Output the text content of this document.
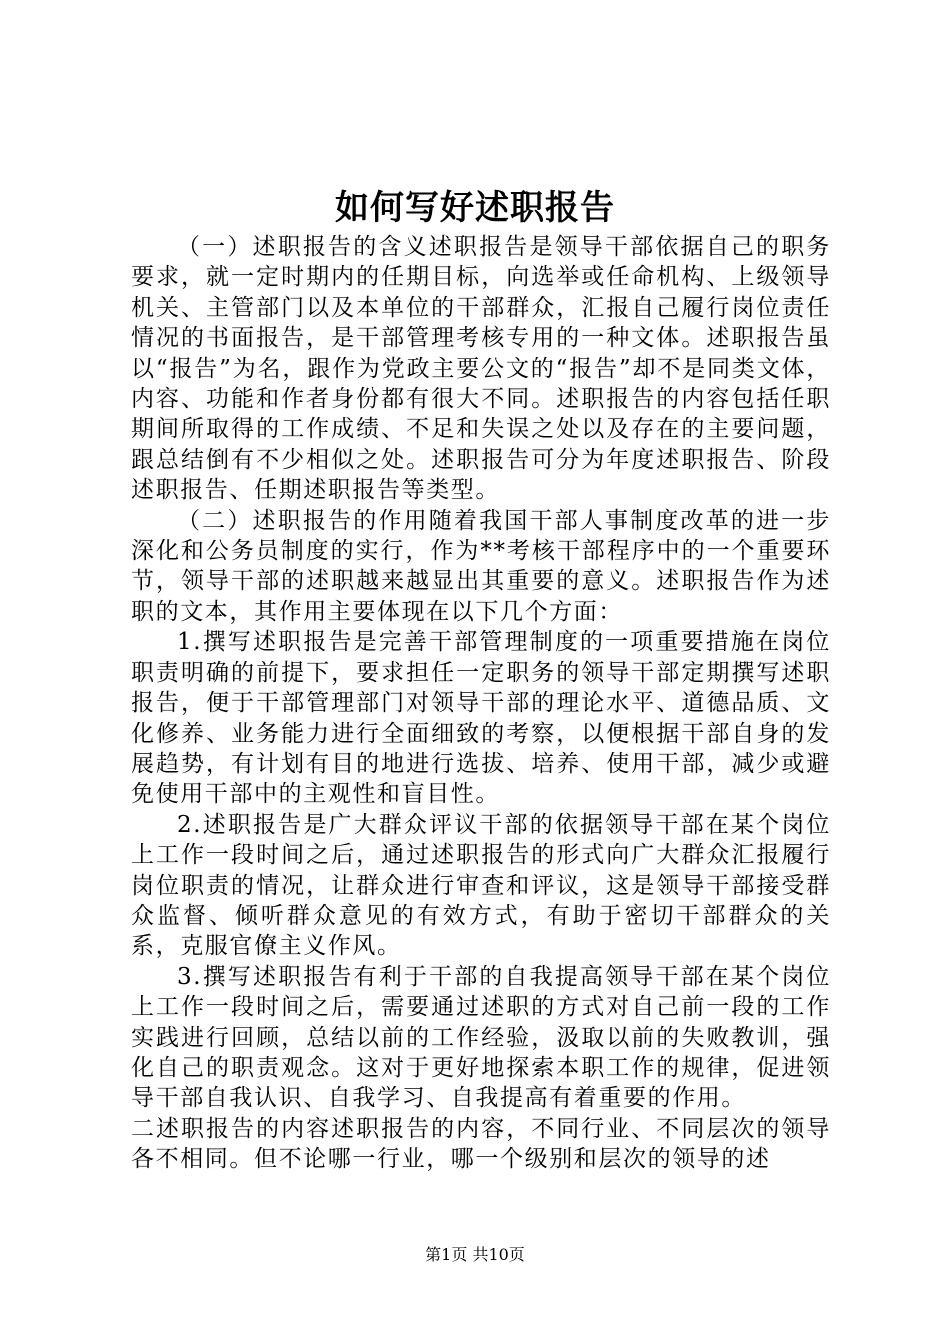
如何写好述职报告

（一）述职报告的含义述职报告是领导干部依据自己的职务要求，就一定时期内的任期目标，向选举或任命机构、上级领导机关、主管部门以及本单位的干部群众，汇报自己履行岗位责任情况的书面报告，是干部管理考核专用的一种文体。述职报告虽以“报告”为名，跟作为党政主要公文的“报告”却不是同类文体，内容、功能和作者身份都有很大不同。述职报告的内容包括任职期间所取得的工作成绩、不足和失误之处以及存在的主要问题，跟总结倒有不少相似之处。述职报告可分为年度述职报告、阶段述职报告、任期述职报告等类型。

（二）述职报告的作用随着我国干部人事制度改革的进一步深化和公务员制度的实行，作为**考核干部程序中的一个重要环节，领导干部的述职越来越显出其重要的意义。述职报告作为述职的文本，其作用主要体现在以下几个方面：

1.撰写述职报告是完善干部管理制度的一项重要措施在岗位职责明确的前提下，要求担任一定职务的领导干部定期撰写述职报告，便于干部管理部门对领导干部的理论水平、道德品质、文化修养、业务能力进行全面细致的考察，以便根据干部自身的发展趋势，有计划有目的地进行选拔、培养、使用干部，减少或避免使用干部中的主观性和盲目性。

2.述职报告是广大群众评议干部的依据领导干部在某个岗位上工作一段时间之后，通过述职报告的形式向广大群众汇报履行岗位职责的情况，让群众进行审查和评议，这是领导干部接受群众监督、倾听群众意见的有效方式，有助于密切干部群众的关系，克服官僚主义作风。

3.撰写述职报告有利于干部的自我提高领导干部在某个岗位上工作一段时间之后，需要通过述职的方式对自己前一段的工作实践进行回顾，总结以前的工作经验，汲取以前的失败教训，强化自己的职责观念。这对于更好地探索本职工作的规律，促进领导干部自我认识、自我学习、自我提高有着重要的作用。

二述职报告的内容述职报告的内容，不同行业、不同层次的领导各不相同。但不论哪一行业，哪一个级别和层次的领导的述

第1页 共10页
